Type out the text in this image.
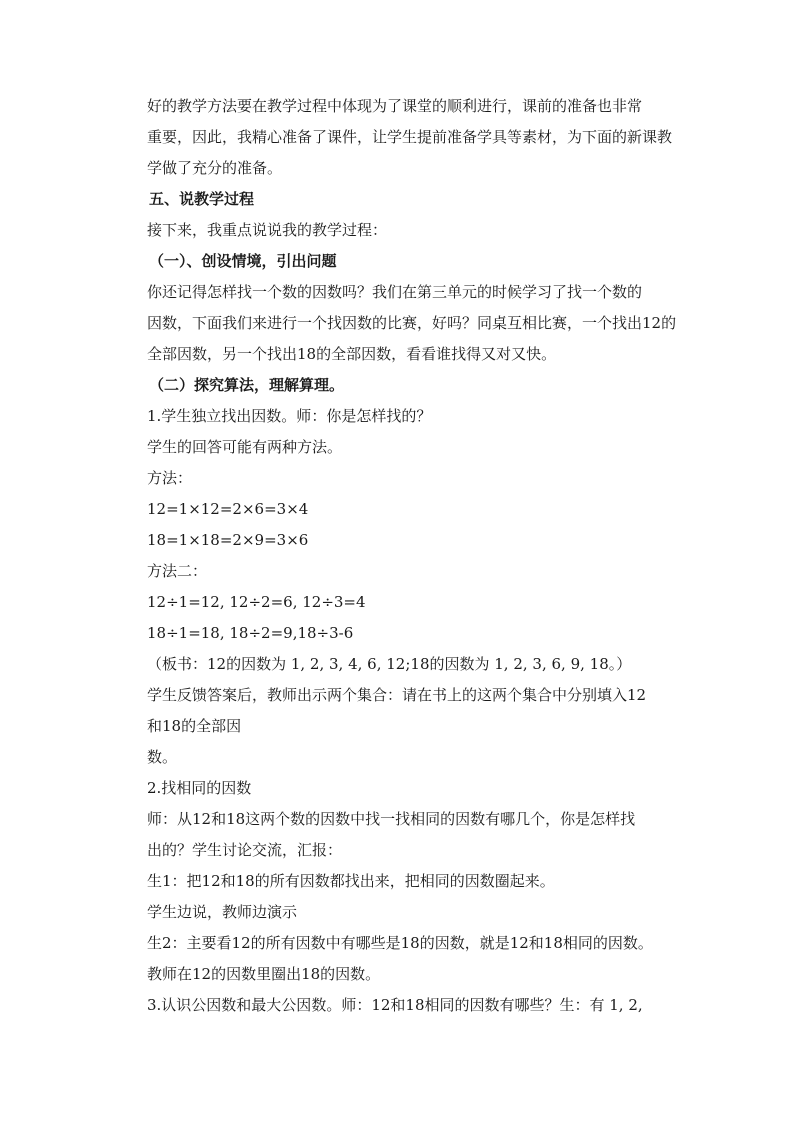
好的教学方法要在教学过程中体现为了课堂的顺利进行，课前的准备也非常
重要，因此，我精心准备了课件，让学生提前准备学具等素材，为下面的新课教
学做了充分的准备。
五、说教学过程
接下来，我重点说说我的教学过程：
（一）、创设情境，引出问题
你还记得怎样找一个数的因数吗？我们在第三单元的时候学习了找一个数的
因数，下面我们来进行一个找因数的比赛，好吗？同桌互相比赛，一个找出12的
全部因数，另一个找出18的全部因数，看看谁找得又对又快。
（二）探究算法，理解算理。
1.学生独立找出因数。师：你是怎样找的？
学生的回答可能有两种方法。
方法：
12=1×12=2×6=3×4
18=1×18=2×9=3×6
方法二：
12÷1=12, 12÷2=6, 12÷3=4
18÷1=18, 18÷2=9,18÷3-6
（板书：12的因数为 1, 2, 3, 4, 6, 12;18的因数为 1, 2, 3, 6, 9, 18。）
学生反馈答案后，教师出示两个集合：请在书上的这两个集合中分别填入12
和18的全部因
数。
2.找相同的因数
师：从12和18这两个数的因数中找一找相同的因数有哪几个，你是怎样找
出的？学生讨论交流，汇报：
生1：把12和18的所有因数都找出来，把相同的因数圈起来。
学生边说，教师边演示
生2：主要看12的所有因数中有哪些是18的因数，就是12和18相同的因数。
教师在12的因数里圈出18的因数。
3.认识公因数和最大公因数。师：12和18相同的因数有哪些？生：有 1, 2,
